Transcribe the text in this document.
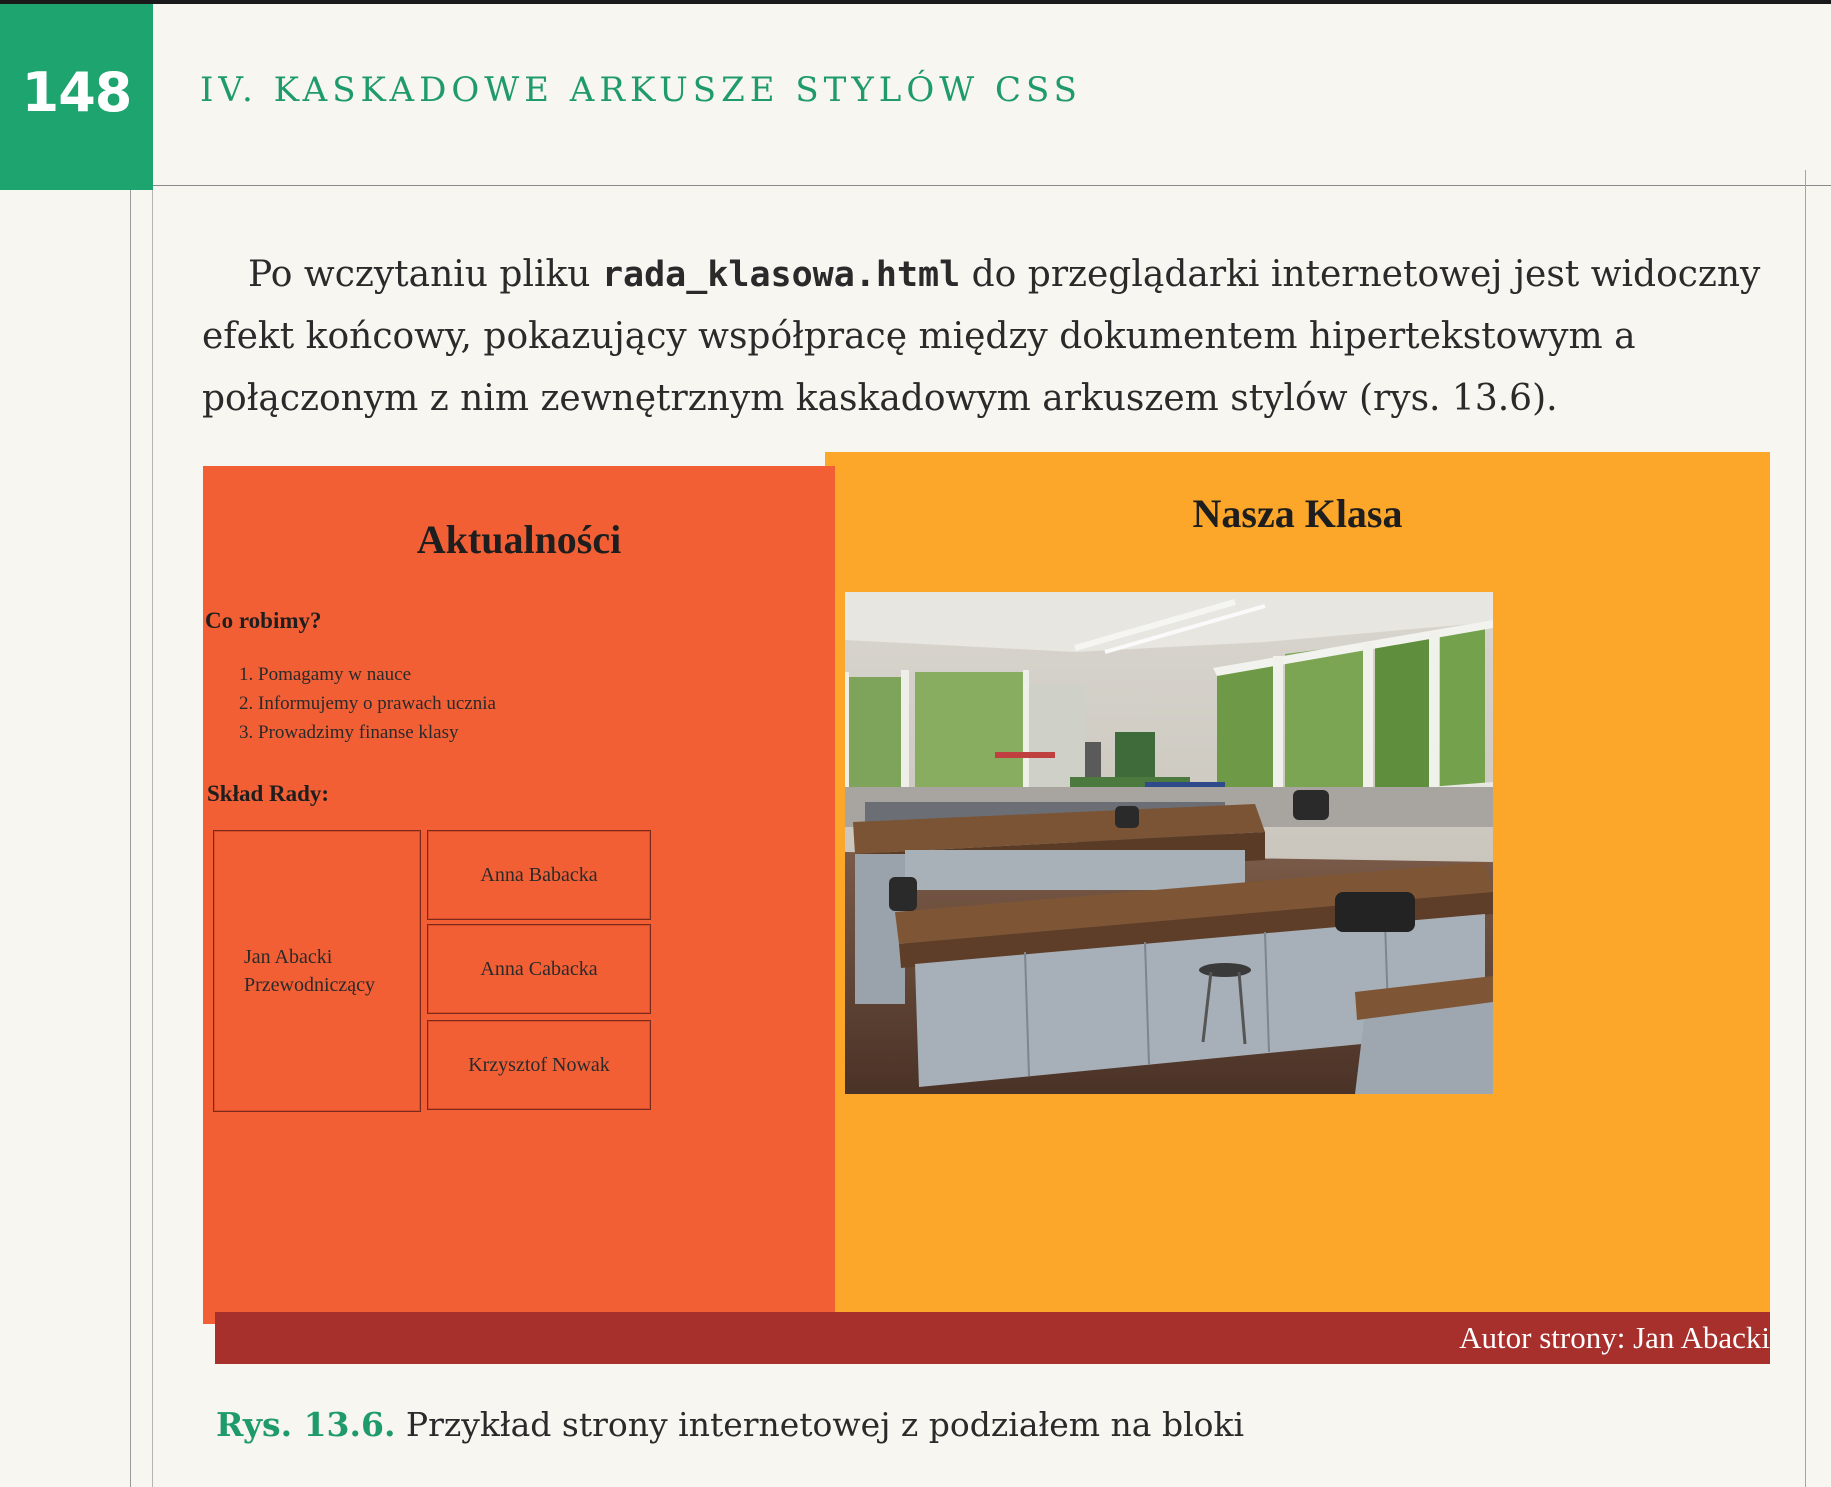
148 IV. KASKADOWE ARKUSZE STYLÓW CSS

Po wczytaniu pliku rada_klasowa.html do przeglądarki internetowej jest widoczny efekt końcowy, pokazujący współpracę między dokumentem hipertekstowym a połączonym z nim zewnętrznym kaskadowym arkuszem stylów (rys. 13.6).

Nasza Klasa
Aktualności
Co robimy?
1. Pomagamy w nauce
2. Informujemy o prawach ucznia
3. Prowadzimy finanse klasy
Skład Rady:
Jan Abacki
Przewodniczący
Anna Babacka
Anna Cabacka
Krzysztof Nowak
Autor strony: Jan Abacki
Rys. 13.6. Przykład strony internetowej z podziałem na bloki
